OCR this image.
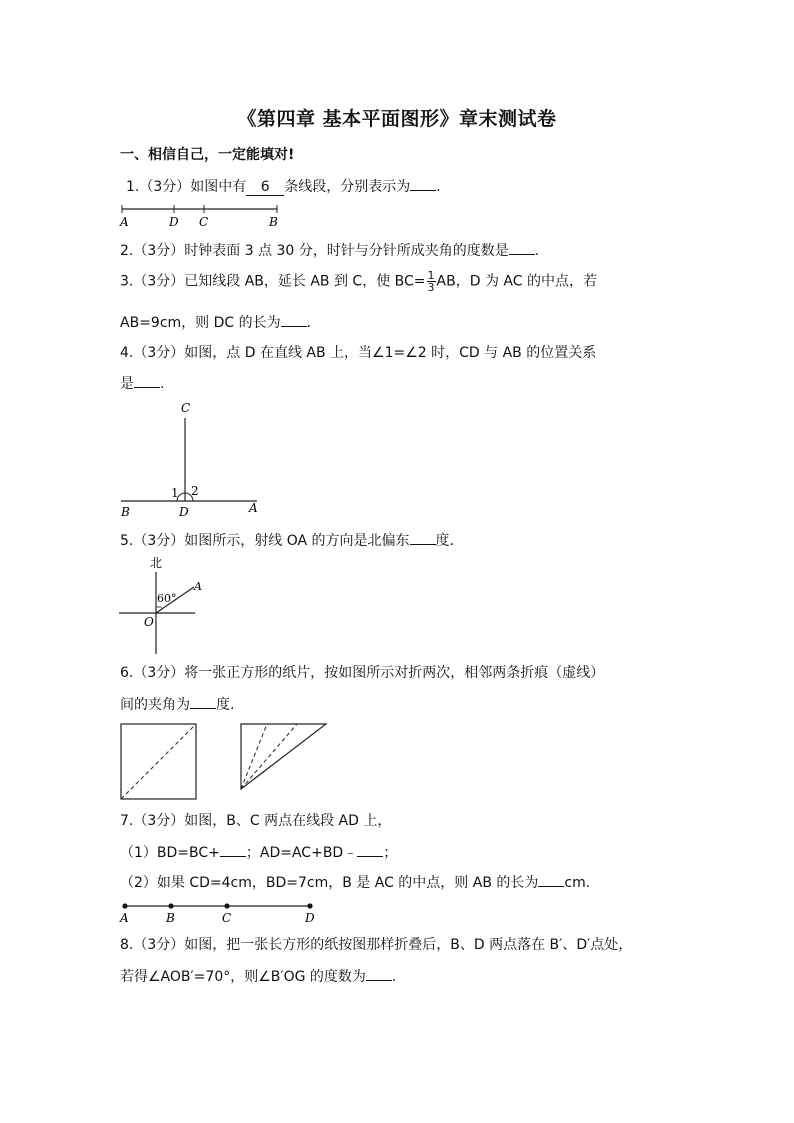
《第四章 基本平面图形》章末测试卷
一、相信自己，一定能填对!
1.（3分）如图中有 6 条线段，分别表示为 .
A	D C	B
2.（3分）时钟表面 3 点 30 分，时针与分针所成夹角的度数是 .
3.（3分）已知线段 AB，延长 AB 到 C，使 $BC= \frac{1}{3}$ AB，D 为 AC 的中点，若
AB=9cm，则 DC 的长为 .
4.（3分）如图，点 D 在直线 AB 上，当∠1=∠2 时，CD 与 AB 的位置关系
是 .
C
B	D	A
1 2
5.（3分）如图所示，射线 OA 的方向是北偏东 度.
北
A
O
60°
6.（3分）将一张正方形的纸片，按如图所示对折两次，相邻两条折痕（虚线）
间的夹角为 度.
7.（3分）如图，B、C 两点在线段 AD 上，
（1）BD=BC+ ；AD=AC+BD﹣ ；
（2）如果 CD=4cm，BD=7cm，B 是 AC 的中点，则 AB 的长为 cm.
A	B	C	D
8.（3分）如图，把一张长方形的纸按图那样折叠后，B、D 两点落在 B′、D′点处，
若得∠AOB′=70°，则∠B′OG 的度数为 .
